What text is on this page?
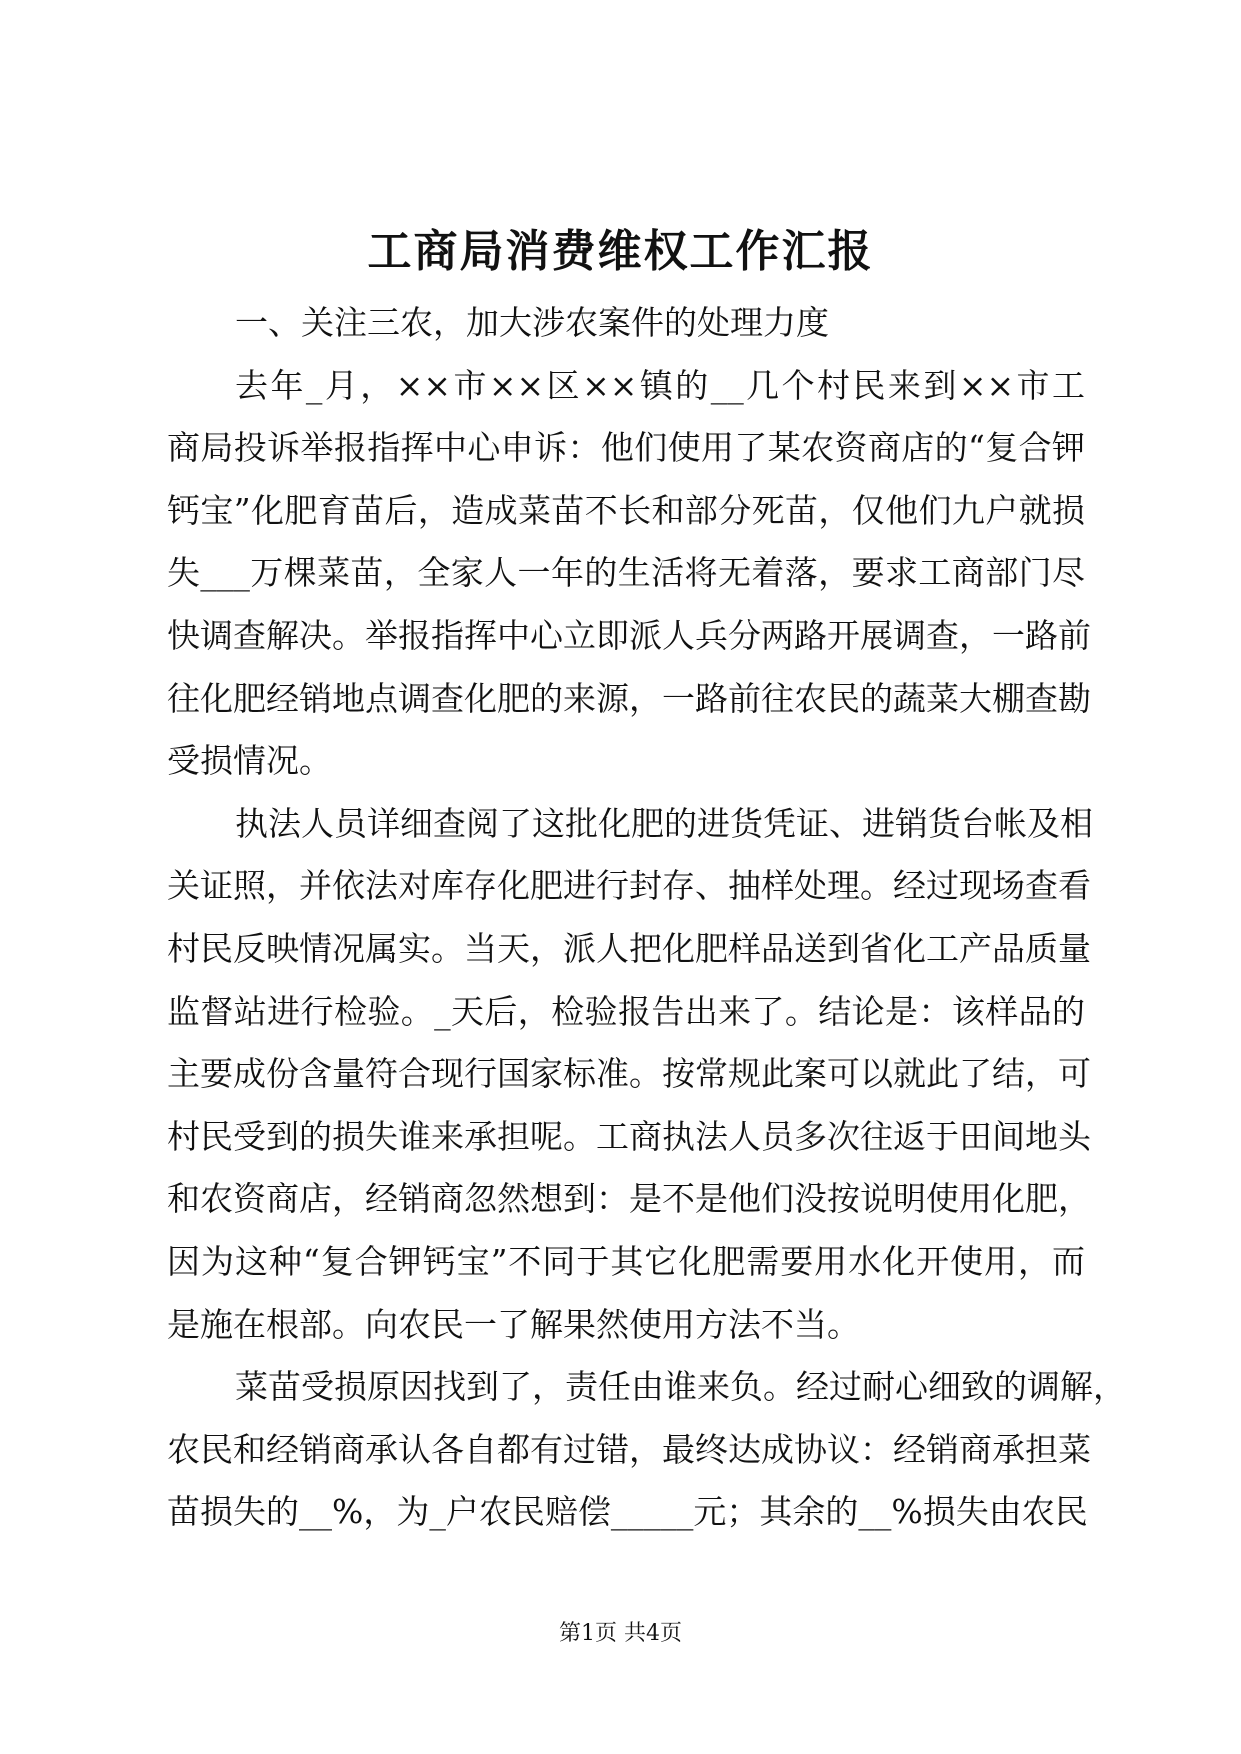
工商局消费维权工作汇报
一、关注三农，加大涉农案件的处理力度
去年_月，××市××区××镇的__几个村民来到××市工
商局投诉举报指挥中心申诉：他们使用了某农资商店的“复合钾
钙宝”化肥育苗后，造成菜苗不长和部分死苗，仅他们九户就损
失___万棵菜苗，全家人一年的生活将无着落，要求工商部门尽
快调查解决。举报指挥中心立即派人兵分两路开展调查，一路前
往化肥经销地点调查化肥的来源，一路前往农民的蔬菜大棚查勘
受损情况。
执法人员详细查阅了这批化肥的进货凭证、进销货台帐及相
关证照，并依法对库存化肥进行封存、抽样处理。经过现场查看
村民反映情况属实。当天，派人把化肥样品送到省化工产品质量
监督站进行检验。_天后，检验报告出来了。结论是：该样品的
主要成份含量符合现行国家标准。按常规此案可以就此了结，可
村民受到的损失谁来承担呢。工商执法人员多次往返于田间地头
和农资商店，经销商忽然想到：是不是他们没按说明使用化肥，
因为这种“复合钾钙宝”不同于其它化肥需要用水化开使用，而
是施在根部。向农民一了解果然使用方法不当。
菜苗受损原因找到了，责任由谁来负。经过耐心细致的调解，
农民和经销商承认各自都有过错，最终达成协议：经销商承担菜
苗损失的__%，为_户农民赔偿_____元；其余的__%损失由农民
第1页 共4页
